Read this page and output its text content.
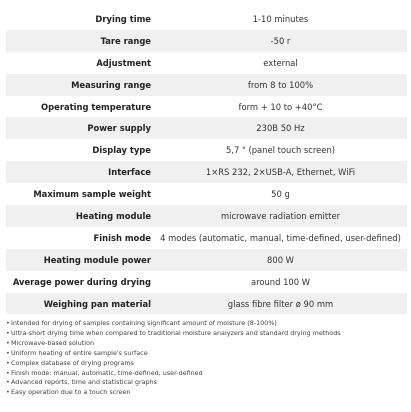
Drying time	1-10 minutes
Tare range	-50 r
Adjustment	external
Measuring range	from 8 to 100%
Operating temperature	form + 10 to +40°C
Power supply	230B 50 Hz
Display type	5,7 " (panel touch screen)
Interface	1×RS 232, 2×USB-A, Ethernet, WiFi
Maximum sample weight	50 g
Heating module	microwave radiation emitter
Finish mode	4 modes (automatic, manual, time-defined, user-defined)
Heating module power	800 W
Average power during drying	around 100 W
Weighing pan material	glass fibre filter ø 90 mm
•Intended for drying of samples containing significant amount of moisture (8-100%)
•Ultra-short drying time when compared to traditional moisture analyzers and standard drying methods
•Microwave-based solution
•Uniform heating of entire sample's surface
•Complex database of drying programs
•Finish mode: manual, automatic, time-defined, user-defined
•Advanced reports, time and statistical graphs
•Easy operation due to a touch screen
